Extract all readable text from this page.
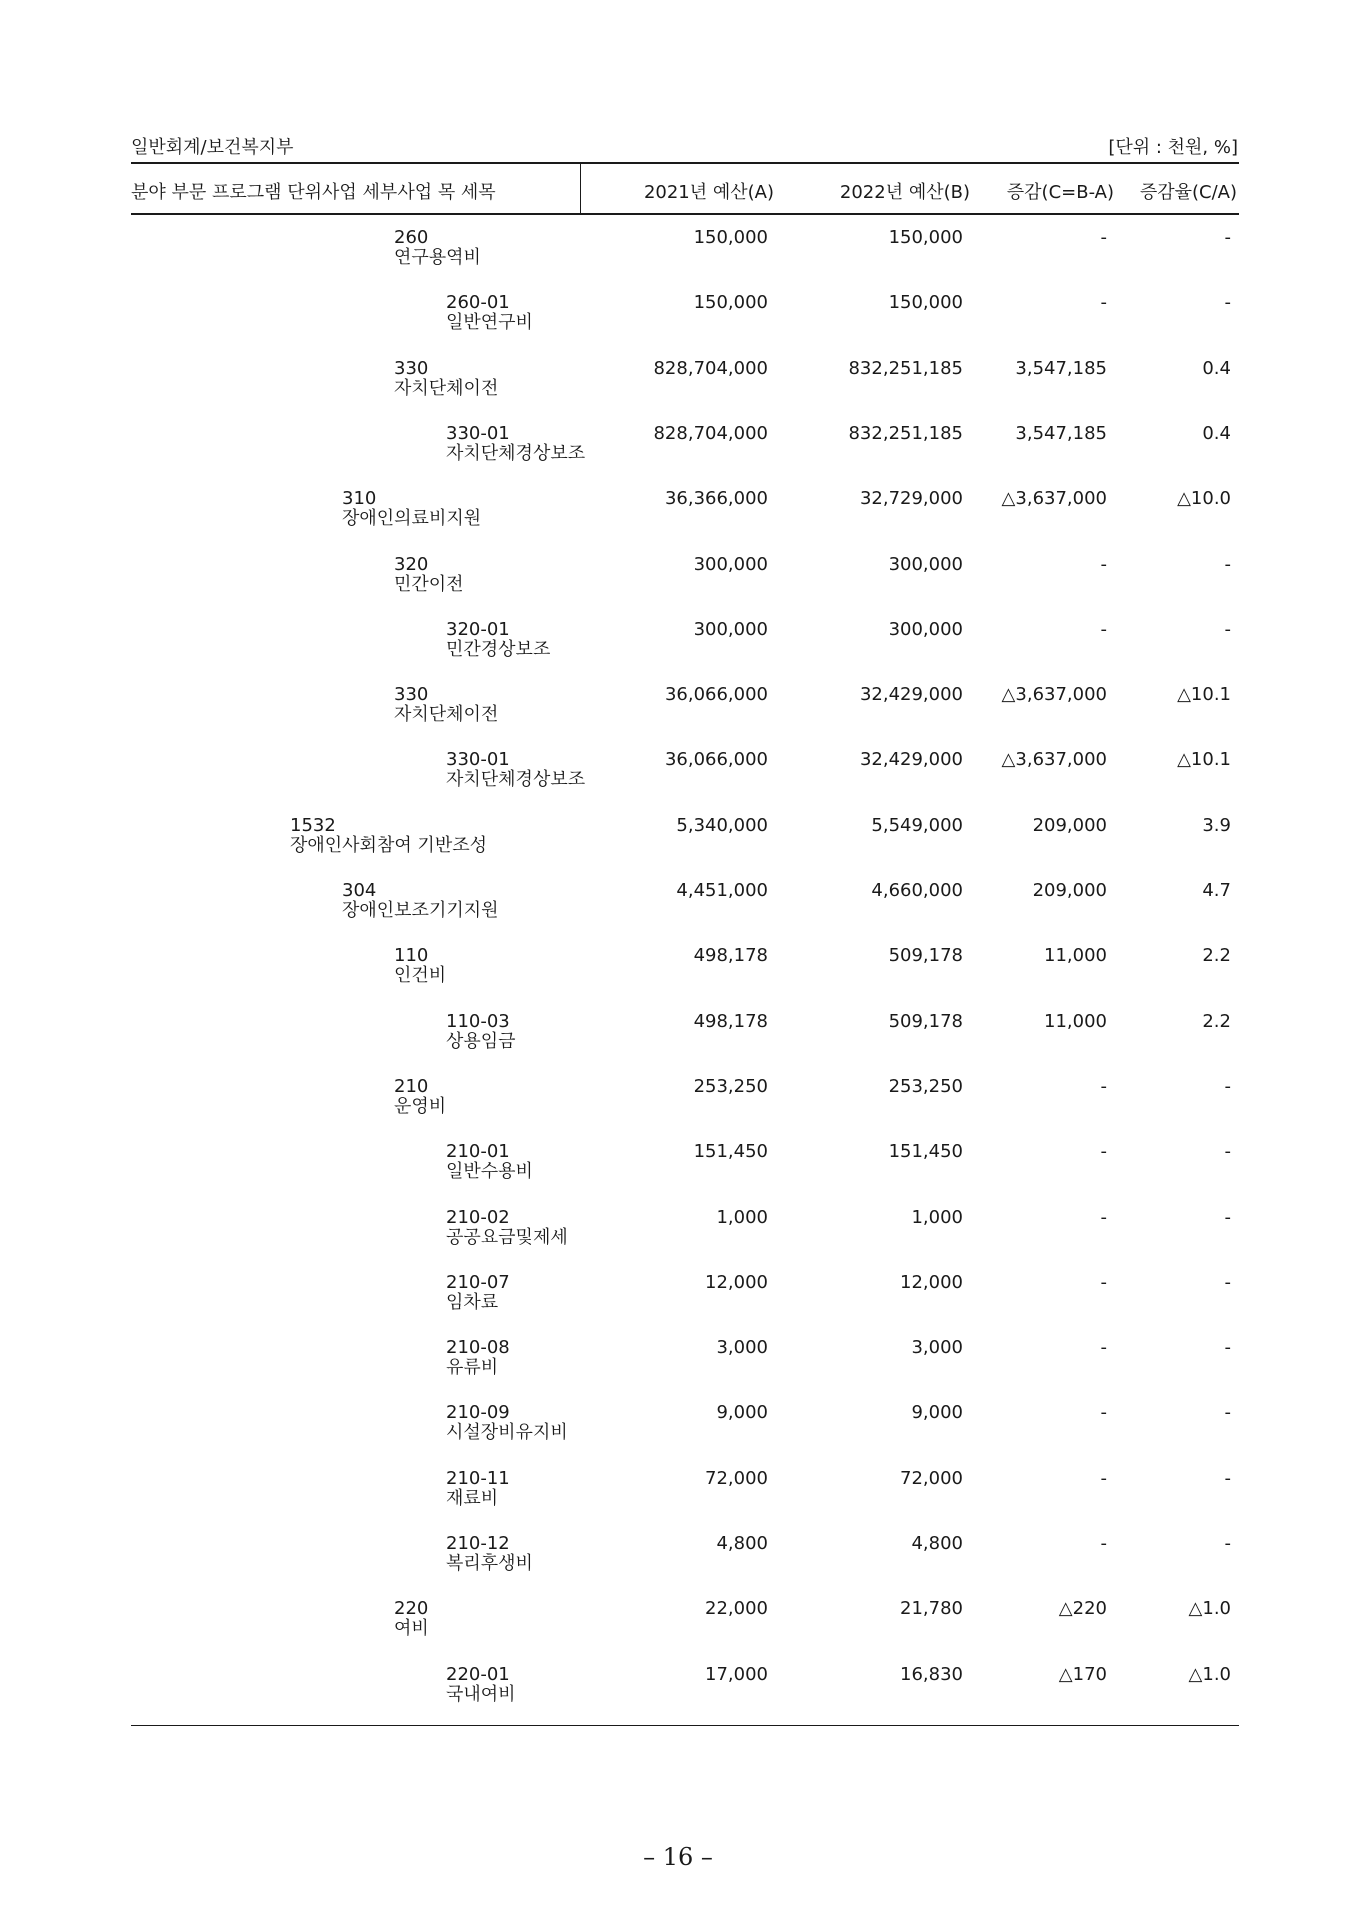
일반회계/보건복지부	[단위 : 천원, %]
분야 부문 프로그램 단위사업 세부사업 목 세목	2021년 예산(A)	2022년 예산(B) 증감(C=B-A) 증감율(C/A)
260
연구용역비
150,000	150,000	-	-
260-01
일반연구비
150,000	150,000	-	-
330
자치단체이전
828,704,000	832,251,185	3,547,185	0.4
330-01
자치단체경상보조
828,704,000	832,251,185	3,547,185	0.4
310
장애인의료비지원
36,366,000	32,729,000 △3,637,000	△10.0
320
민간이전
300,000	300,000	-	-
320-01
민간경상보조
300,000	300,000	-	-
330
자치단체이전
36,066,000	32,429,000 △3,637,000	△10.1
330-01
자치단체경상보조
36,066,000	32,429,000 △3,637,000	△10.1
1532
장애인사회참여 기반조성
5,340,000	5,549,000	209,000	3.9
304
장애인보조기기지원
4,451,000	4,660,000	209,000	4.7
110
인건비
498,178	509,178	11,000	2.2
110-03
상용임금
498,178	509,178	11,000	2.2
210
운영비
253,250	253,250	-	-
210-01
일반수용비
151,450	151,450	-	-
210-02
공공요금및제세
1,000	1,000	-	-
210-07
임차료
12,000	12,000	-	-
210-08
유류비
3,000	3,000	-	-
210-09
시설장비유지비
9,000	9,000	-	-
210-11
재료비
72,000	72,000	-	-
210-12
복리후생비
4,800	4,800	-	-
220
여비
22,000	21,780	△220	△1.0
220-01
국내여비
17,000	16,830	△170	△1.0
– 16 –
